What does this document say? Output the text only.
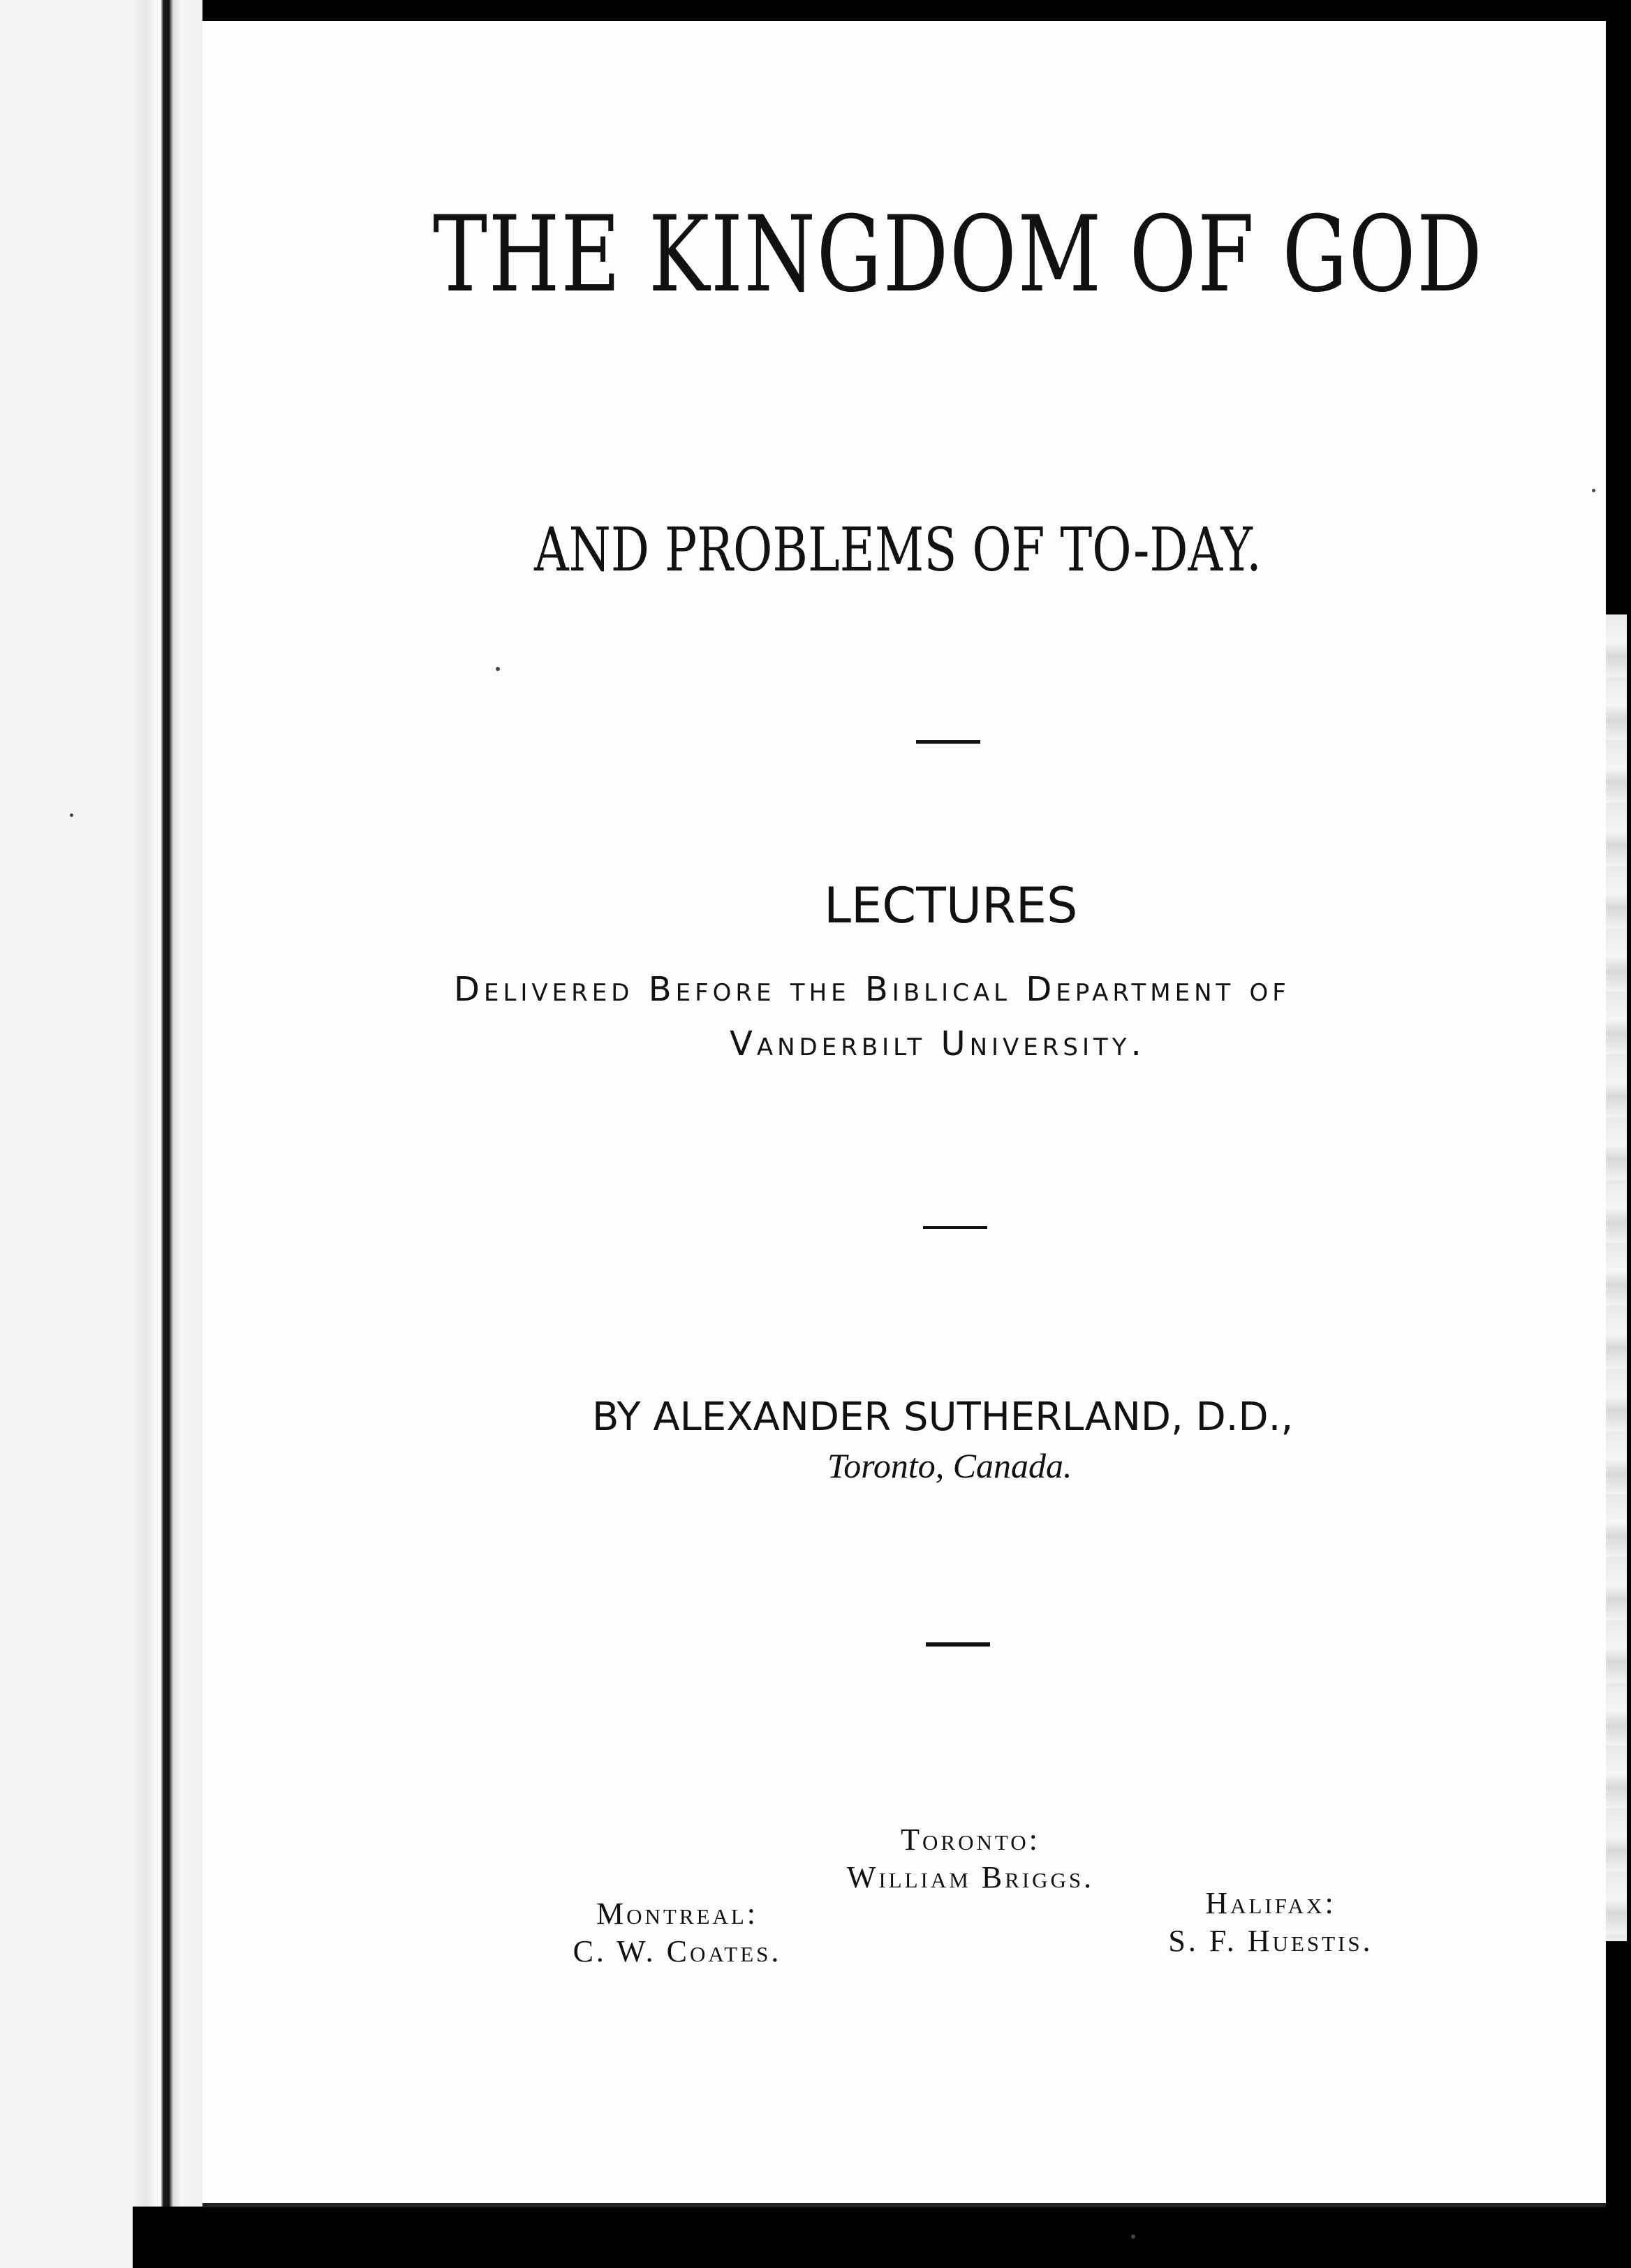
THE KINGDOM OF GOD
AND PROBLEMS OF TO-DAY.
LECTURES
Delivered Before the Biblical Department of
Vanderbilt University.
BY ALEXANDER SUTHERLAND, D.D.,
Toronto, Canada.
Toronto:
William Briggs.
Montreal:
C. W. Coates.
Halifax:
S. F. Huestis.
